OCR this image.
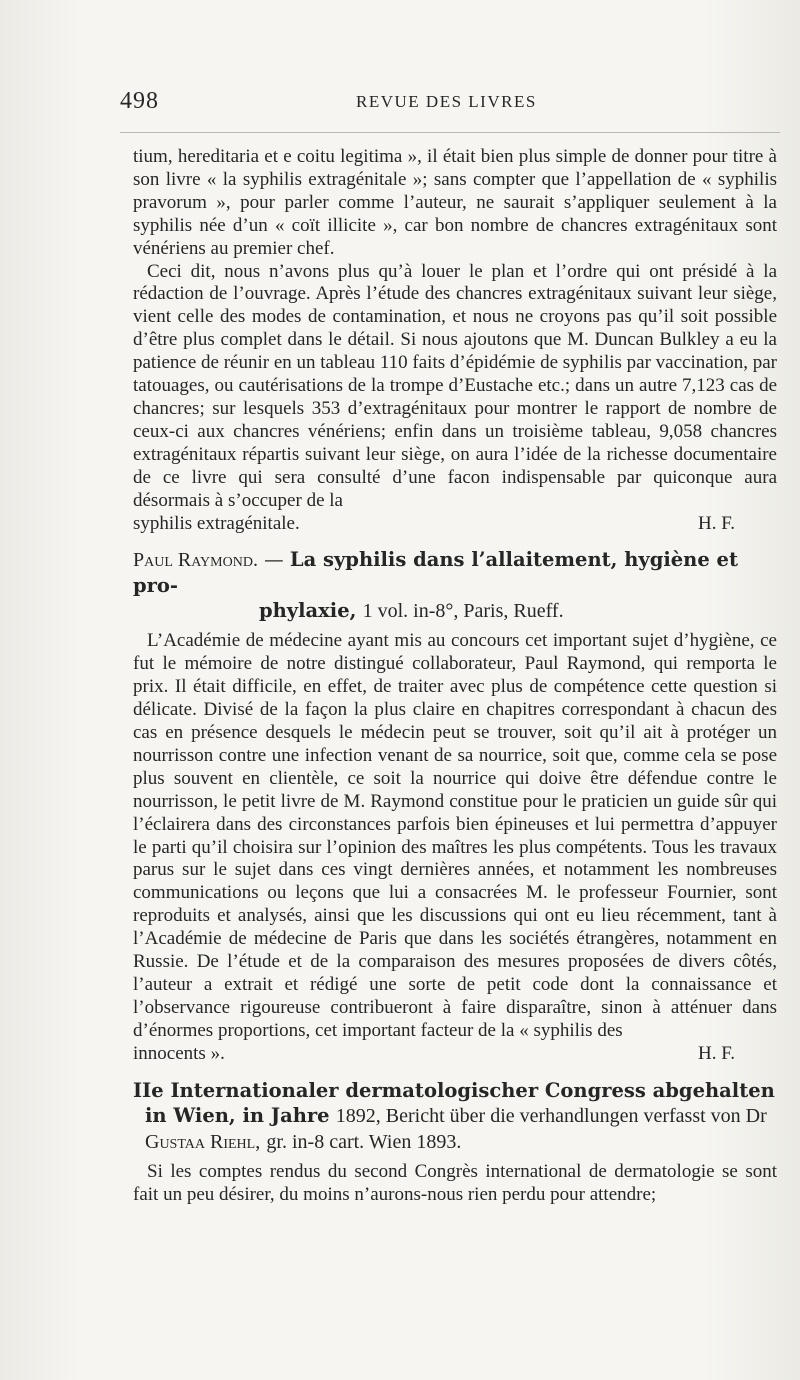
498	REVUE DES LIVRES

tium, hereditaria et e coitu legitima », il était bien plus simple de donner pour titre à son livre « la syphilis extragénitale »; sans compter que l’appellation de « syphilis pravorum », pour parler comme l’auteur, ne saurait s’appliquer seulement à la syphilis née d’un « coït illicite », car bon nombre de chancres extragénitaux sont vénériens au premier chef.

Ceci dit, nous n’avons plus qu’à louer le plan et l’ordre qui ont présidé à la rédaction de l’ouvrage. Après l’étude des chancres extragénitaux suivant leur siège, vient celle des modes de contamination, et nous ne croyons pas qu’il soit possible d’être plus complet dans le détail. Si nous ajoutons que M. Duncan Bulkley a eu la patience de réunir en un tableau 110 faits d’épidémie de syphilis par vaccination, par tatouages, ou cautérisations de la trompe d’Eustache etc.; dans un autre 7,123 cas de chancres; sur lesquels 353 d’extragénitaux pour montrer le rapport de nombre de ceux-ci aux chancres vénériens; enfin dans un troisième tableau, 9,058 chancres extragénitaux répartis suivant leur siège, on aura l’idée de la richesse documentaire de ce livre qui sera consulté d’une facon indispensable par quiconque aura désormais à s’occuper de la

syphilis extragénitale.	H. F.

Paul Raymond. — La syphilis dans l’allaitement, hygiène et pro-
phylaxie, 1 vol. in-8°, Paris, Rueff.

L’Académie de médecine ayant mis au concours cet important sujet d’hygiène, ce fut le mémoire de notre distingué collaborateur, Paul Raymond, qui remporta le prix. Il était difficile, en effet, de traiter avec plus de compétence cette question si délicate. Divisé de la façon la plus claire en chapitres correspondant à chacun des cas en présence desquels le médecin peut se trouver, soit qu’il ait à protéger un nourrisson contre une infection venant de sa nourrice, soit que, comme cela se pose plus souvent en clientèle, ce soit la nourrice qui doive être défendue contre le nourrisson, le petit livre de M. Raymond constitue pour le praticien un guide sûr qui l’éclairera dans des circonstances parfois bien épineuses et lui permettra d’appuyer le parti qu’il choisira sur l’opinion des maîtres les plus compétents. Tous les travaux parus sur le sujet dans ces vingt dernières années, et notamment les nombreuses communications ou leçons que lui a consacrées M. le professeur Fournier, sont reproduits et analysés, ainsi que les discussions qui ont eu lieu récemment, tant à l’Académie de médecine de Paris que dans les sociétés étrangères, notamment en Russie. De l’étude et de la comparaison des mesures proposées de divers côtés, l’auteur a extrait et rédigé une sorte de petit code dont la connaissance et l’observance rigoureuse contribueront à faire disparaître, sinon à atténuer dans d’énormes proportions, cet important facteur de la « syphilis des

innocents ».	H. F.

IIe Internationaler dermatologischer Congress abgehalten in Wien, in Jahre 1892, Bericht über die verhandlungen verfasst von Dr Gustaa Riehl, gr. in-8 cart. Wien 1893.

Si les comptes rendus du second Congrès international de dermatologie se sont fait un peu désirer, du moins n’aurons-nous rien perdu pour attendre;
